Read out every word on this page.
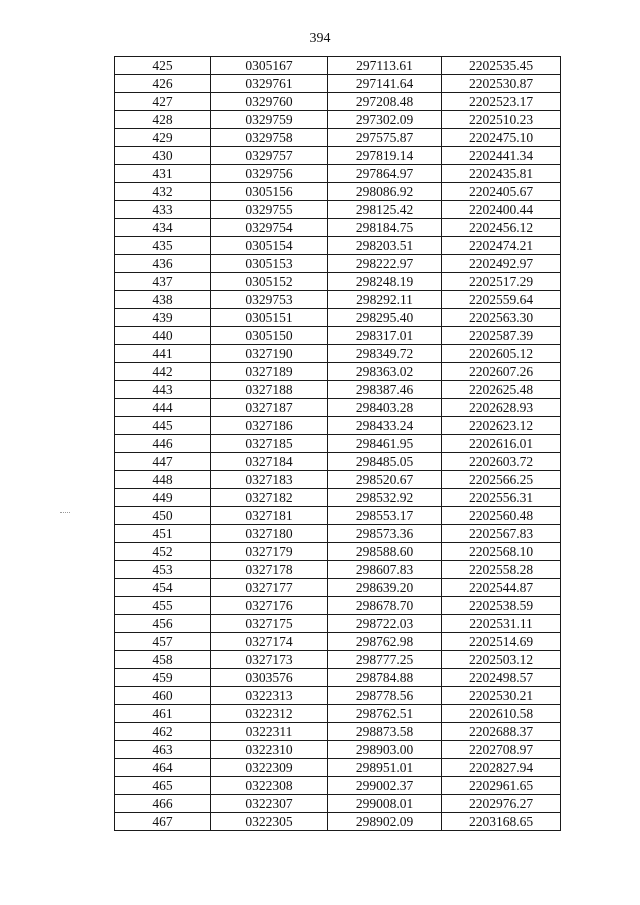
394
425	0305167	297113.61	2202535.45
426	0329761	297141.64	2202530.87
427	0329760	297208.48	2202523.17
428	0329759	297302.09	2202510.23
429	0329758	297575.87	2202475.10
430	0329757	297819.14	2202441.34
431	0329756	297864.97	2202435.81
432	0305156	298086.92	2202405.67
433	0329755	298125.42	2202400.44
434	0329754	298184.75	2202456.12
435	0305154	298203.51	2202474.21
436	0305153	298222.97	2202492.97
437	0305152	298248.19	2202517.29
438	0329753	298292.11	2202559.64
439	0305151	298295.40	2202563.30
440	0305150	298317.01	2202587.39
441	0327190	298349.72	2202605.12
442	0327189	298363.02	2202607.26
443	0327188	298387.46	2202625.48
444	0327187	298403.28	2202628.93
445	0327186	298433.24	2202623.12
446	0327185	298461.95	2202616.01
447	0327184	298485.05	2202603.72
448	0327183	298520.67	2202566.25
449	0327182	298532.92	2202556.31
450	0327181	298553.17	2202560.48
451	0327180	298573.36	2202567.83
452	0327179	298588.60	2202568.10
453	0327178	298607.83	2202558.28
454	0327177	298639.20	2202544.87
455	0327176	298678.70	2202538.59
456	0327175	298722.03	2202531.11
457	0327174	298762.98	2202514.69
458	0327173	298777.25	2202503.12
459	0303576	298784.88	2202498.57
460	0322313	298778.56	2202530.21
461	0322312	298762.51	2202610.58
462	0322311	298873.58	2202688.37
463	0322310	298903.00	2202708.97
464	0322309	298951.01	2202827.94
465	0322308	299002.37	2202961.65
466	0322307	299008.01	2202976.27
467	0322305	298902.09	2203168.65
